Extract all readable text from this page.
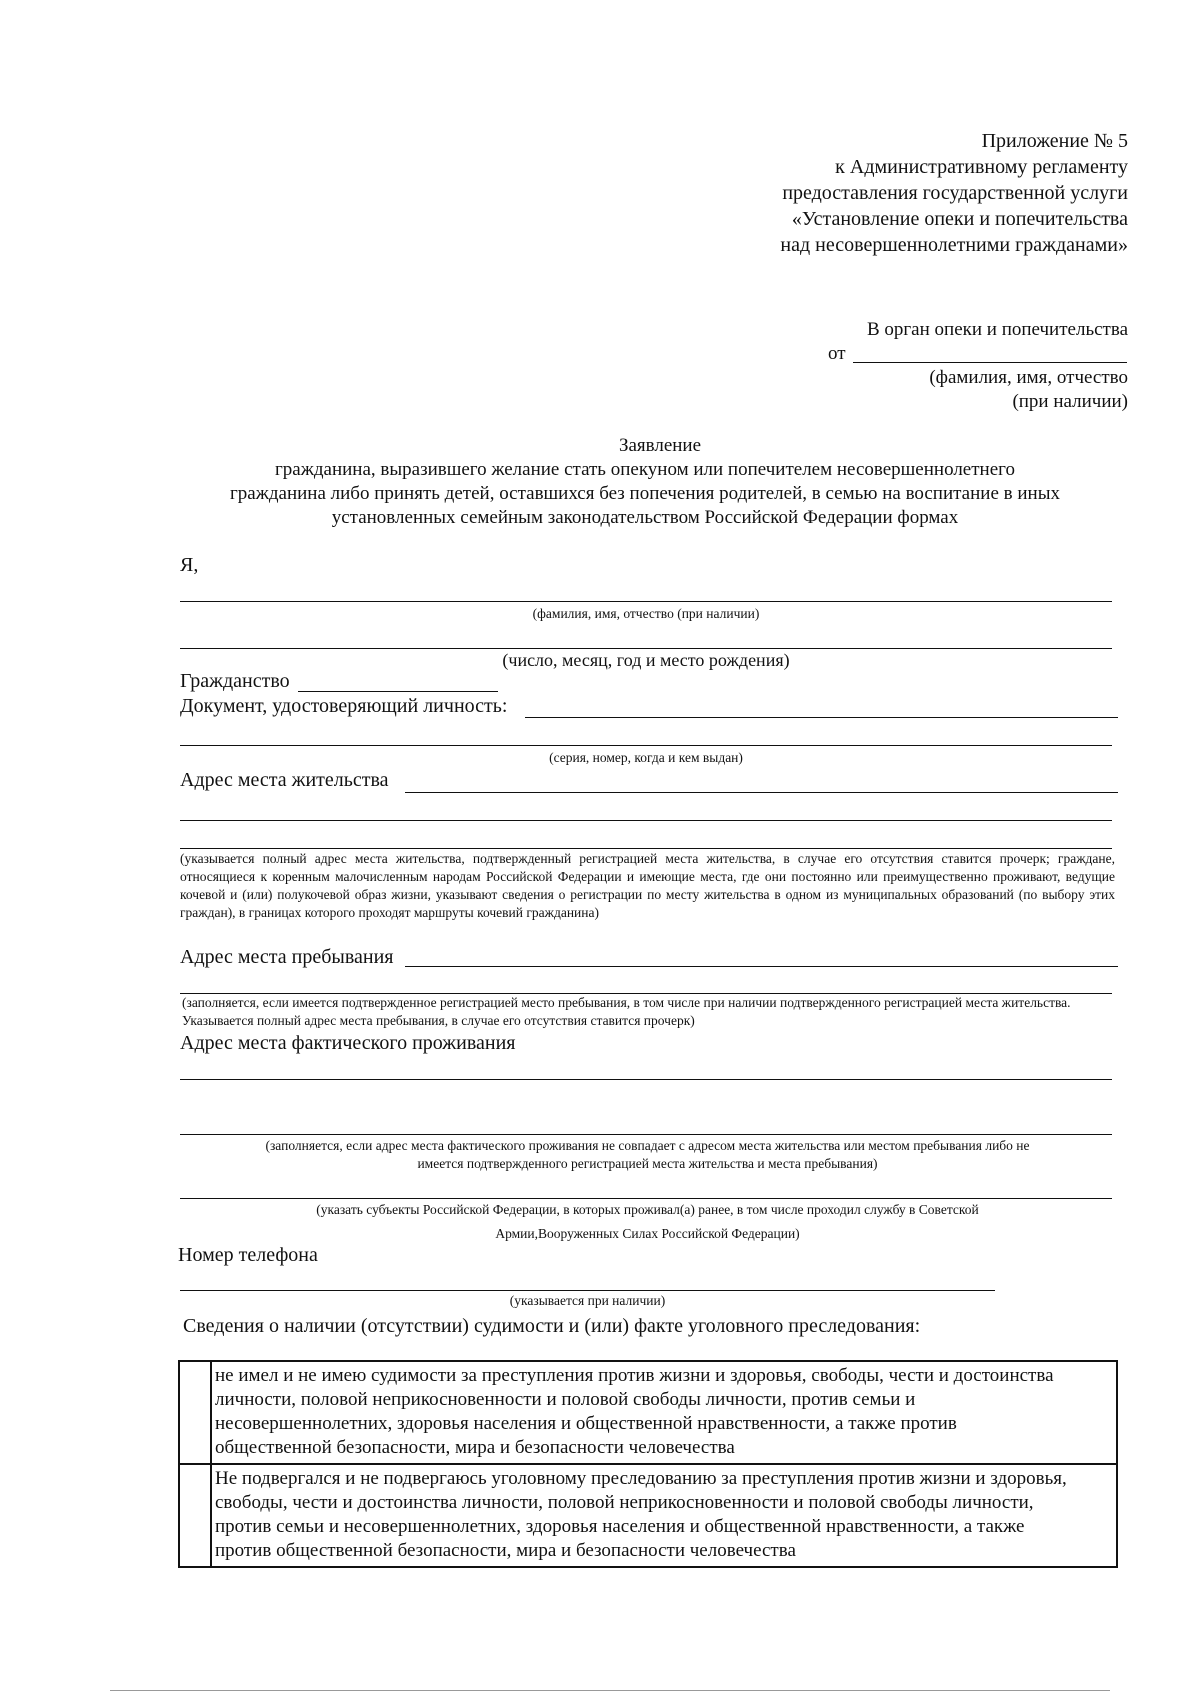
Приложение № 5
к Административному регламенту
предоставления государственной услуги
«Установление опеки и попечительства
над несовершеннолетними гражданами»
В орган опеки и попечительства
от
(фамилия, имя, отчество
(при наличии)
Заявление
гражданина, выразившего желание стать опекуном или попечителем несовершеннолетнего
гражданина либо принять детей, оставшихся без попечения родителей, в семью на воспитание в иных
установленных семейным законодательством Российской Федерации формах
Я,
(фамилия, имя, отчество (при наличии)
(число, месяц, год и место рождения)
Гражданство
Документ, удостоверяющий личность:
(серия, номер, когда и кем выдан)
Адрес места жительства
(указывается полный адрес места жительства, подтвержденный регистрацией места жительства, в случае его отсутствия ставится прочерк; граждане, относящиеся к коренным малочисленным народам Российской Федерации и имеющие места, где они постоянно или преимущественно проживают, ведущие кочевой и (или) полукочевой образ жизни, указывают сведения о регистрации по месту жительства в одном из муниципальных образований (по выбору этих граждан), в границах которого проходят маршруты кочевий гражданина)
Адрес места пребывания
(заполняется, если имеется подтвержденное регистрацией место пребывания, в том числе при наличии подтвержденного регистрацией места жительства. Указывается полный адрес места пребывания, в случае его отсутствия ставится прочерк)
Адрес места фактического проживания
(заполняется, если адрес места фактического проживания не совпадает с адресом места жительства или местом пребывания либо не
имеется подтвержденного регистрацией места жительства и места пребывания)
(указать субъекты Российской Федерации, в которых проживал(а) ранее, в том числе проходил службу в Советской
Армии,Вооруженных Силах Российской Федерации)
Номер телефона
(указывается при наличии)
Сведения о наличии (отсутствии) судимости и (или) факте уголовного преследования:

	не имел и не имею судимости за преступления против жизни и здоровья, свободы, чести и достоинства
личности, половой неприкосновенности и половой свободы личности, против семьи и
несовершеннолетних, здоровья населения и общественной нравственности, а также против
общественной безопасности, мира и безопасности человечества

	Не подвергался и не подвергаюсь уголовному преследованию за преступления против жизни и здоровья,
свободы, чести и достоинства личности, половой неприкосновенности и половой свободы личности,
против семьи и несовершеннолетних, здоровья населения и общественной нравственности, а также
против общественной безопасности, мира и безопасности человечества
